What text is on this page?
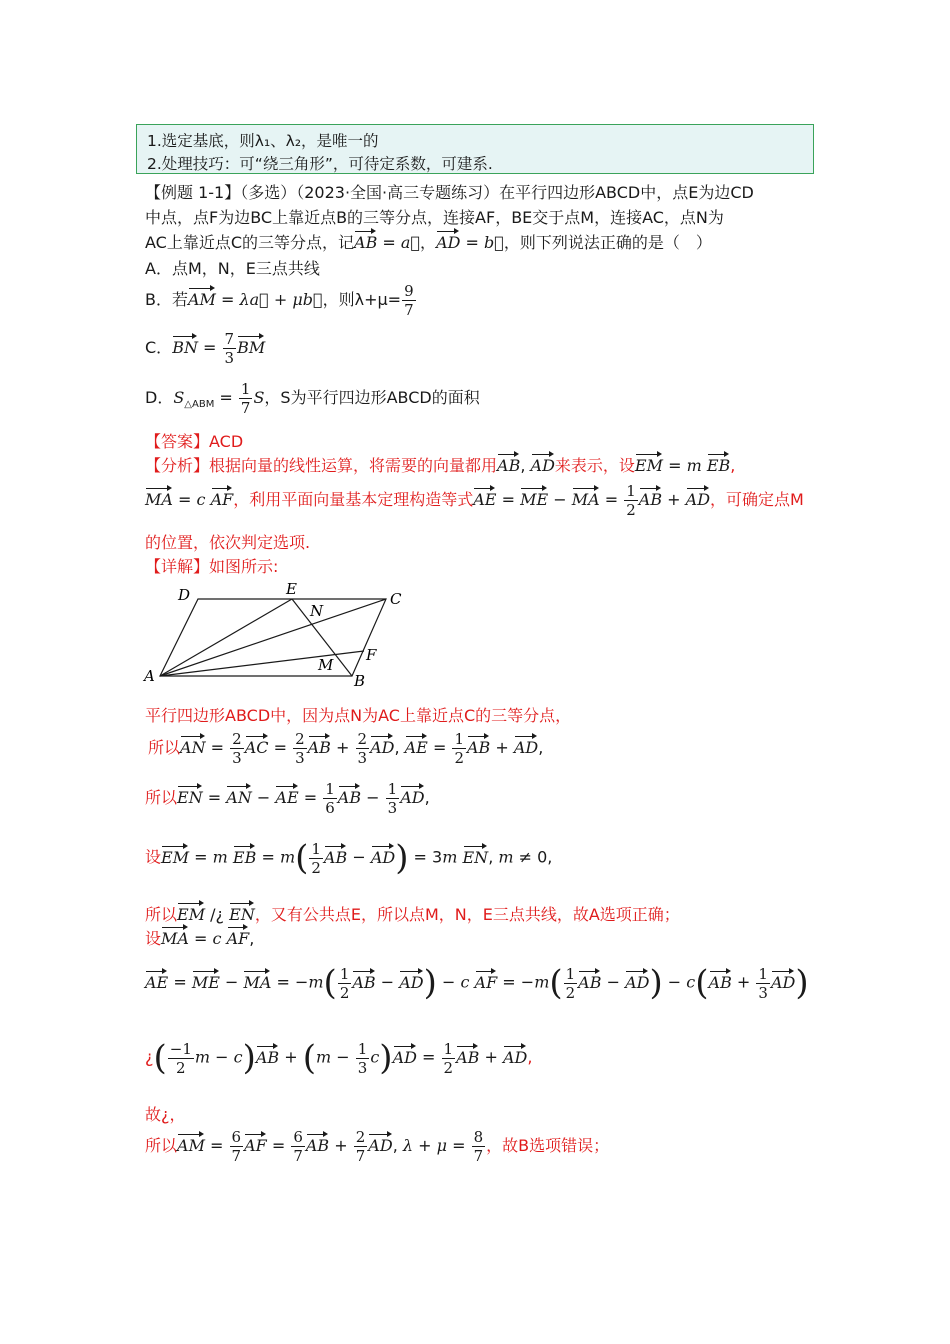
1.选定基底，则λ₁、λ₂，是唯一的
2.处理技巧：可“绕三角形”，可待定系数，可建系.
【例题 1-1】（多选）（2023·全国·高三专题练习）在平行四边形ABCD中，点E为边CD
中点，点F为边BC上靠近点B的三等分点，连接AF，BE交于点M，连接AC，点N为
AC上靠近点C的三等分点，记AB = a⃗，AD = b⃗，则下列说法正确的是（　）
A．点M，N，E三点共线
B．若AM = λa⃗ + μb⃗，则$\lambda+\mu= \frac{9}{7}$
C．BN = $\frac{7}{3}$ BM
D．$S_{\triangle ABM} = \frac{1}{7}$ S，S为平行四边形ABCD的面积
【答案】ACD
【分析】根据向量的线性运算，将需要的向量都用AB, AD来表示，设EM = m EB,
MA = c AF，利用平面向量基本定理构造等式AE = ME − MA = $\frac{1}{2}$ AB + AD，可确定点M
的位置，依次判定选项.
【详解】如图所示:
D	E
N
C
F
M
A	B
平行四边形ABCD中，因为点N为AC上靠近点C的三等分点，
所以AN = $\frac{2}{3}$ AC = $\frac{2}{3}$ AB + $\frac{2}{3}$ AD, AE = $\frac{1}{2}$ AB + AD,
所以EN = AN − AE = $\frac{1}{6}$ AB − $\frac{1}{3}$ AD,
设EM = m EB = $m( \frac{1}{2}$ AB − AD) = 3m EN, m ≠ 0,
所以EM /¿ EN，又有公共点E，所以点M，N，E三点共线，故A选项正确；
设MA = c AF,
AE = ME − MA = $-m( \frac{1}{2}$ AB − AD) − c AF = $-m( \frac{1}{2}$ AB − $AD) - c(AB + \frac{1}{3} AD)$
¿( $\frac{-1}{2}$ $m - c)AB + (m - \frac{1}{3} c)AD = \frac{1}{2}$ AB + AD,
故¿，
所以AM = $\frac{6}{7}$ AF = $\frac{6}{7}$ AB + $\frac{2}{7}$ AD, $\lambda + \mu = \frac{8}{7}$ ，故B选项错误；
